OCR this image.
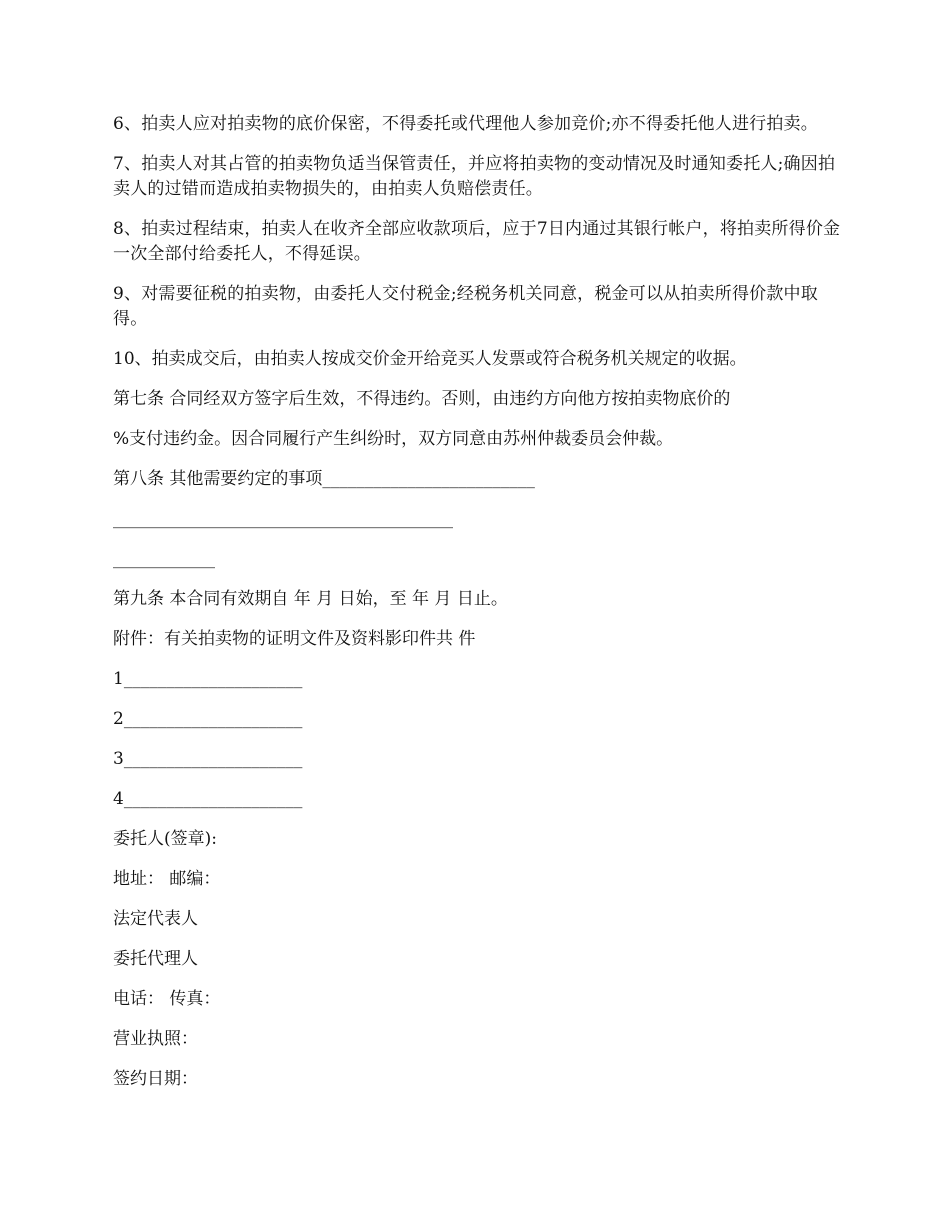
6、拍卖人应对拍卖物的底价保密，不得委托或代理他人参加竞价;亦不得委托他人进行拍卖。

7、拍卖人对其占管的拍卖物负适当保管责任，并应将拍卖物的变动情况及时通知委托人;确因拍卖人的过错而造成拍卖物损失的，由拍卖人负赔偿责任。

8、拍卖过程结束，拍卖人在收齐全部应收款项后，应于7日内通过其银行帐户，将拍卖所得价金一次全部付给委托人，不得延误。

9、对需要征税的拍卖物，由委托人交付税金;经税务机关同意，税金可以从拍卖所得价款中取得。

10、拍卖成交后，由拍卖人按成交价金开给竞买人发票或符合税务机关规定的收据。

第七条 合同经双方签字后生效，不得违约。否则，由违约方向他方按拍卖物底价的

%支付违约金。因合同履行产生纠纷时，双方同意由苏州仲裁委员会仲裁。

第八条 其他需要约定的事项_________________________

________________________________________

____________

第九条 本合同有效期自 年 月 日始，至 年 月 日止。

附件：有关拍卖物的证明文件及资料影印件共 件

1_____________________

2_____________________

3_____________________

4_____________________

委托人(签章):

地址： 邮编：

法定代表人

委托代理人

电话： 传真：

营业执照：

签约日期：
